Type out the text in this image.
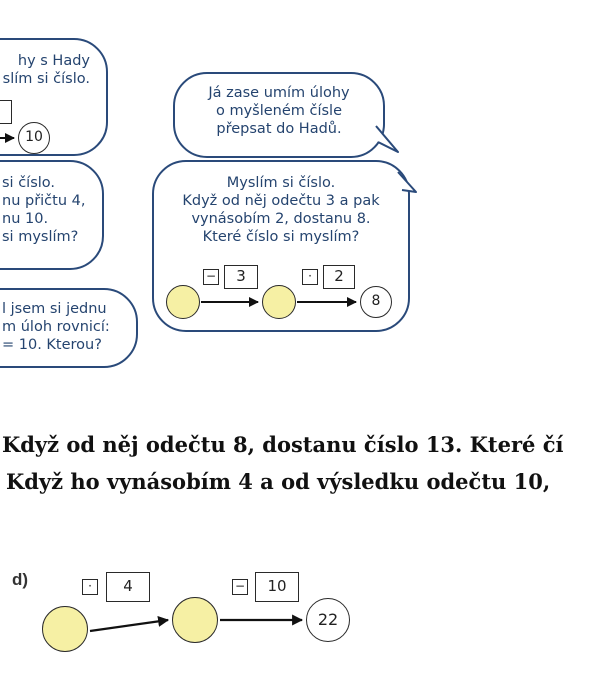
hy s Hady
slím si číslo.
10
si číslo.
nu přičtu 4,
nu 10.
si myslím?
l jsem si jednu
m úloh rovnicí:
= 10. Kterou?
Já zase umím úlohy
o myšleném čísle
přepsat do Hadů.
Myslím si číslo.
Když od něj odečtu 3 a pak
vynásobím 2, dostanu 8.
Které číslo si myslím?
−	3	·	2
8
Když od něj odečtu 8, dostanu číslo 13. Které čí
Když ho vynásobím 4 a od výsledku odečtu 10,
d)	·	4	−	10
22
